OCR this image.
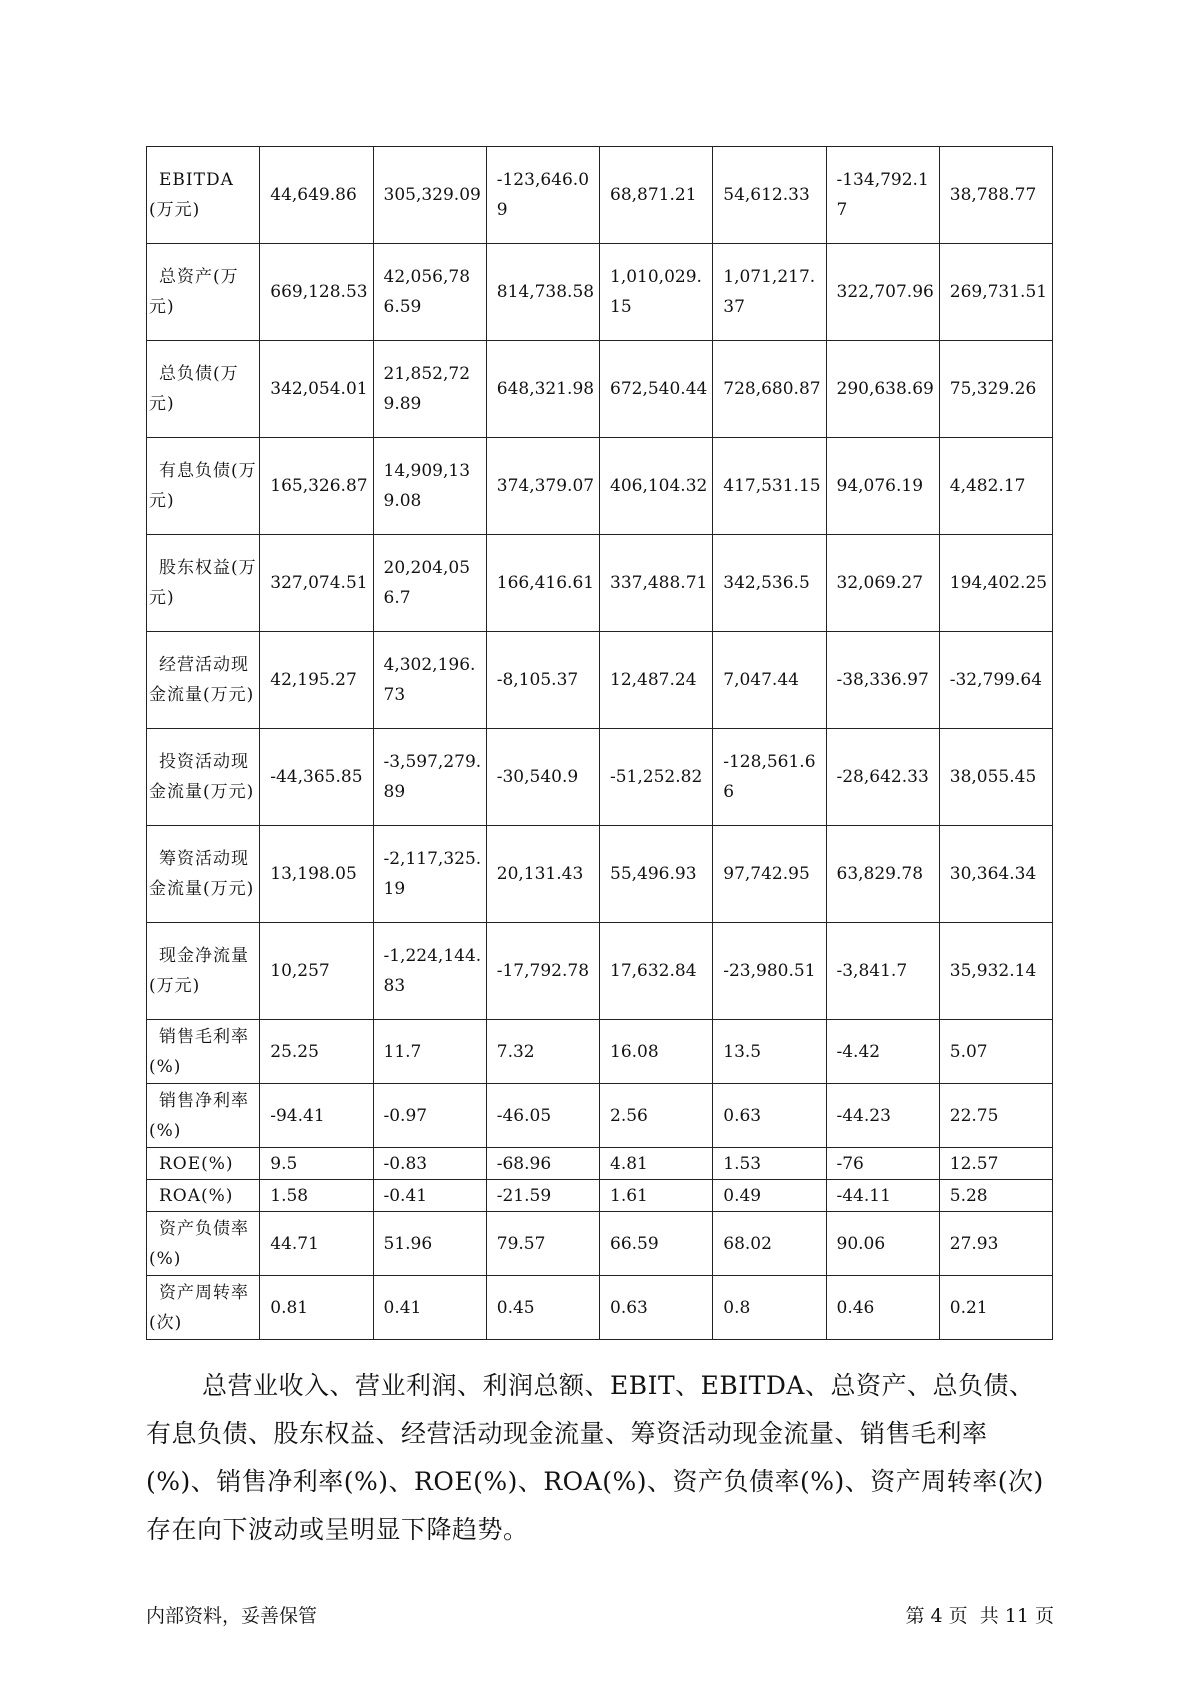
EBITDA(万元)	44,649.86	305,329.09	-123,646.09	68,871.21	54,612.33	-134,792.17	38,788.77
总资产(万元)	669,128.53	42,056,786.59	814,738.58	1,010,029.15	1,071,217.37	322,707.96	269,731.51
总负债(万元)	342,054.01	21,852,729.89	648,321.98	672,540.44	728,680.87	290,638.69	75,329.26
有息负债(万元)	165,326.87	14,909,139.08	374,379.07	406,104.32	417,531.15	94,076.19	4,482.17
股东权益(万元)	327,074.51	20,204,056.7	166,416.61	337,488.71	342,536.5	32,069.27	194,402.25
经营活动现金流量(万元)	42,195.27	4,302,196.73	-8,105.37	12,487.24	7,047.44	-38,336.97	-32,799.64
投资活动现金流量(万元)	-44,365.85	-3,597,279.89	-30,540.9	-51,252.82	-128,561.66	-28,642.33	38,055.45
筹资活动现金流量(万元)	13,198.05	-2,117,325.19	20,131.43	55,496.93	97,742.95	63,829.78	30,364.34
现金净流量(万元)	10,257	-1,224,144.83	-17,792.78	17,632.84	-23,980.51	-3,841.7	35,932.14
销售毛利率(%)	25.25	11.7	7.32	16.08	13.5	-4.42	5.07
销售净利率(%)	-94.41	-0.97	-46.05	2.56	0.63	-44.23	22.75
ROE(%)	9.5	-0.83	-68.96	4.81	1.53	-76	12.57
ROA(%)	1.58	-0.41	-21.59	1.61	0.49	-44.11	5.28
资产负债率(%)	44.71	51.96	79.57	66.59	68.02	90.06	27.93
资产周转率(次)	0.81	0.41	0.45	0.63	0.8	0.46	0.21

总营业收入、营业利润、利润总额、EBIT、EBITDA、总资产、总负债、有息负债、股东权益、经营活动现金流量、筹资活动现金流量、销售毛利率(%)、销售净利率(%)、ROE(%)、ROA(%)、资产负债率(%)、资产周转率(次)存在向下波动或呈明显下降趋势。

内部资料，妥善保管	第 4 页  共 11 页
